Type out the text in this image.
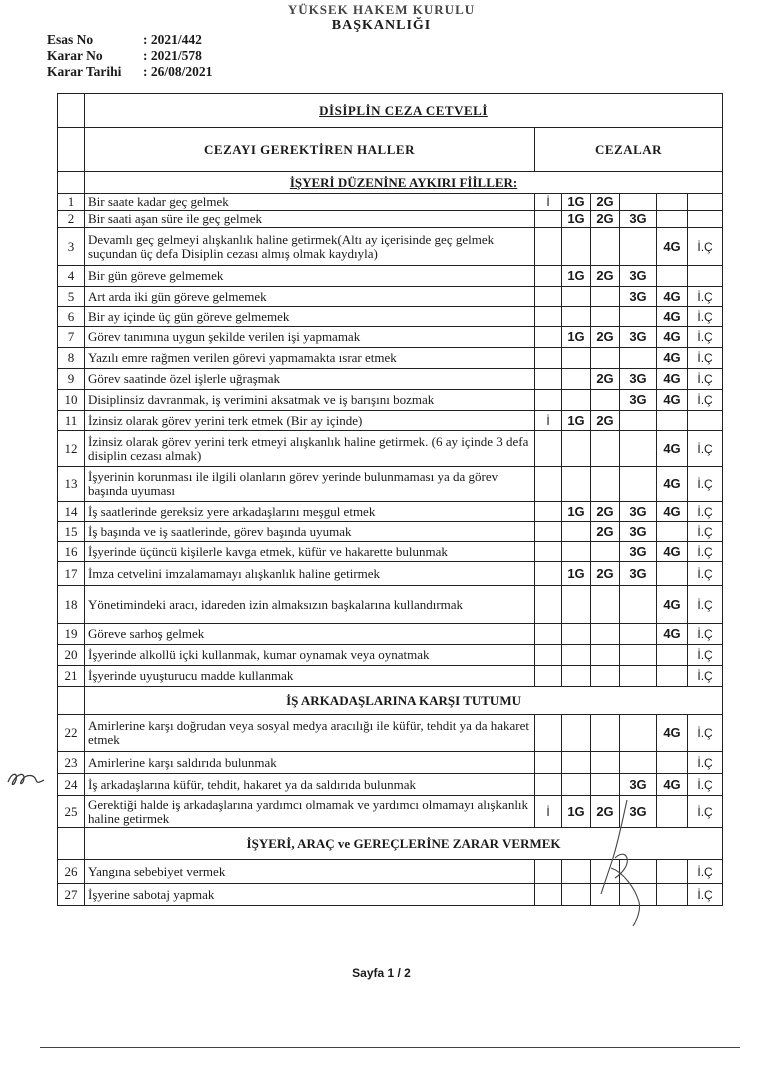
YÜKSEK HAKEM KURULU
BAŞKANLIĞI
Esas No	: 2021/442
Karar No	: 2021/578
Karar Tarihi	: 26/08/2021
	DİSİPLİN CEZA CETVELİ						
	CEZAYI GEREKTİREN HALLER	CEZALAR					
	İŞYERİ DÜZENİNE AYKIRI FİİLLER:						
1	Bir saate kadar geç gelmek	İ	1G	2G			
2	Bir saati aşan süre ile geç gelmek		1G	2G	3G		
3	Devamlı geç gelmeyi alışkanlık haline getirmek(Altı ay içerisinde geç gelmek suçundan üç defa Disiplin cezası almış olmak kaydıyla)					4G	İ.Ç
4	Bir gün göreve gelmemek		1G	2G	3G		
5	Art arda iki gün göreve gelmemek				3G	4G	İ.Ç
6	Bir ay içinde üç gün göreve gelmemek					4G	İ.Ç
7	Görev tanımına uygun şekilde verilen işi yapmamak		1G	2G	3G	4G	İ.Ç
8	Yazılı emre rağmen verilen görevi yapmamakta ısrar etmek					4G	İ.Ç
9	Görev saatinde özel işlerle uğraşmak			2G	3G	4G	İ.Ç
10	Disiplinsiz davranmak, iş verimini aksatmak ve iş barışını bozmak				3G	4G	İ.Ç
11	İzinsiz olarak görev yerini terk etmek (Bir ay içinde)	İ	1G	2G			
12	İzinsiz olarak görev yerini terk etmeyi alışkanlık haline getirmek. (6 ay içinde 3 defa disiplin cezası almak)					4G	İ.Ç
13	İşyerinin korunması ile ilgili olanların görev yerinde bulunmaması ya da görev başında uyuması					4G	İ.Ç
14	İş saatlerinde gereksiz yere arkadaşlarını meşgul etmek		1G	2G	3G	4G	İ.Ç
15	İş başında ve iş saatlerinde, görev başında uyumak			2G	3G		İ.Ç
16	İşyerinde üçüncü kişilerle kavga etmek, küfür ve hakarette bulunmak				3G	4G	İ.Ç
17	İmza cetvelini imzalamamayı alışkanlık haline getirmek		1G	2G	3G		İ.Ç
18	Yönetimindeki aracı, idareden izin almaksızın başkalarına kullandırmak					4G	İ.Ç
19	Göreve sarhoş gelmek					4G	İ.Ç
20	İşyerinde alkollü içki kullanmak, kumar oynamak veya oynatmak						İ.Ç
21	İşyerinde uyuşturucu madde kullanmak						İ.Ç
	İŞ ARKADAŞLARINA KARŞI TUTUMU						
22	Amirlerine karşı doğrudan veya sosyal medya aracılığı ile küfür, tehdit ya da hakaret etmek					4G	İ.Ç
23	Amirlerine karşı saldırıda bulunmak						İ.Ç
24	İş arkadaşlarına küfür, tehdit, hakaret ya da saldırıda bulunmak				3G	4G	İ.Ç
25	Gerektiği halde iş arkadaşlarına yardımcı olmamak ve yardımcı olmamayı alışkanlık haline getirmek	İ	1G	2G	3G		İ.Ç
	İŞYERİ, ARAÇ ve GEREÇLERİNE ZARAR VERMEK						
26	Yangına sebebiyet vermek						İ.Ç
27	İşyerine sabotaj yapmak						İ.Ç
Sayfa 1 / 2
